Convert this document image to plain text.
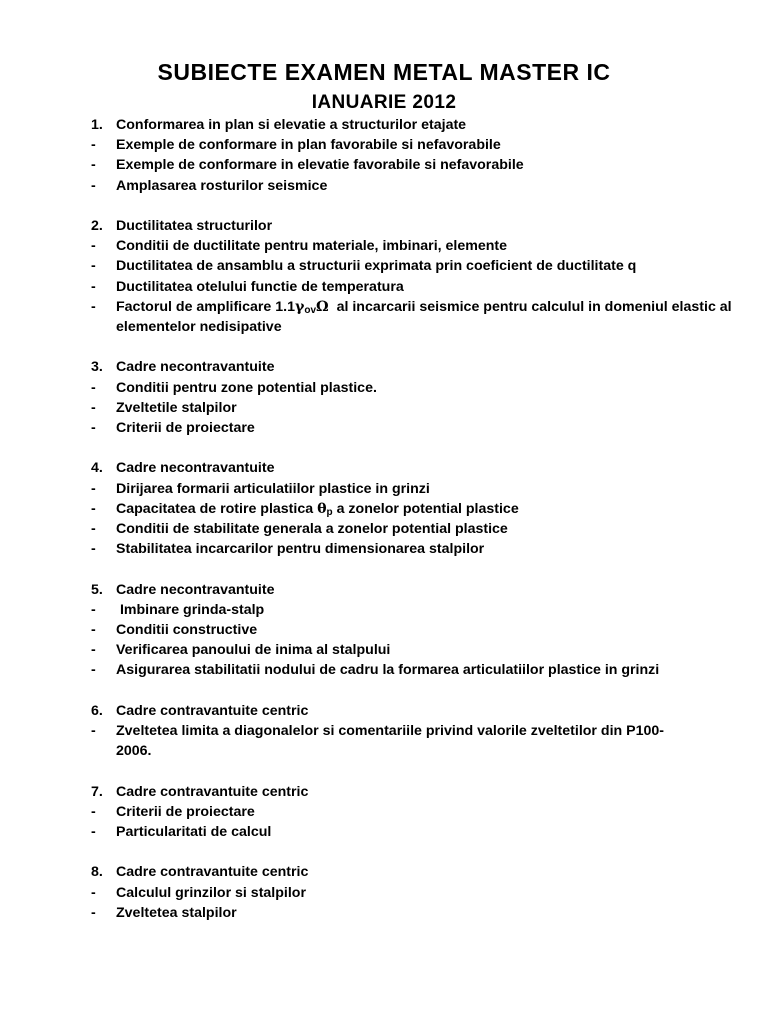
SUBIECTE EXAMEN METAL MASTER IC
IANUARIE 2012
1. Conformarea in plan si elevatie a structurilor etajate
-	Exemple de conformare in plan favorabile si nefavorabile
-	Exemple de conformare in elevatie favorabile si nefavorabile
-	Amplasarea rosturilor seismice
2. Ductilitatea structurilor
-	Conditii de ductilitate pentru materiale, imbinari, elemente
-	Ductilitatea de ansamblu a structurii exprimata prin coeficient de ductilitate q
-	Ductilitatea otelului functie de temperatura
-	Factorul de amplificare $1.1\gamma_{ov}\Omega$  al incarcarii seismice pentru calculul in domeniul elastic al elementelor nedisipative
3. Cadre necontravantuite
-	Conditii pentru zone potential plastice.
-	Zveltetile stalpilor
-	Criterii de proiectare
4. Cadre necontravantuite
-	Dirijarea formarii articulatiilor plastice in grinzi
-	Capacitatea de rotire plastica $\theta_p$ a zonelor potential plastice
-	Conditii de stabilitate generala a zonelor potential plastice
-	Stabilitatea incarcarilor pentru dimensionarea stalpilor
5. Cadre necontravantuite
-	Imbinare grinda-stalp
-	Conditii constructive
-	Verificarea panoului de inima al stalpului
-	Asigurarea stabilitatii nodului de cadru la formarea articulatiilor plastice in grinzi
6. Cadre contravantuite centric
-	Zveltetea limita a diagonalelor si comentariile privind valorile zveltetilor din P100-2006.
7. Cadre contravantuite centric
-	Criterii de proiectare
-	Particularitati de calcul
8. Cadre contravantuite centric
-	Calculul grinzilor si stalpilor
-	Zveltetea stalpilor
